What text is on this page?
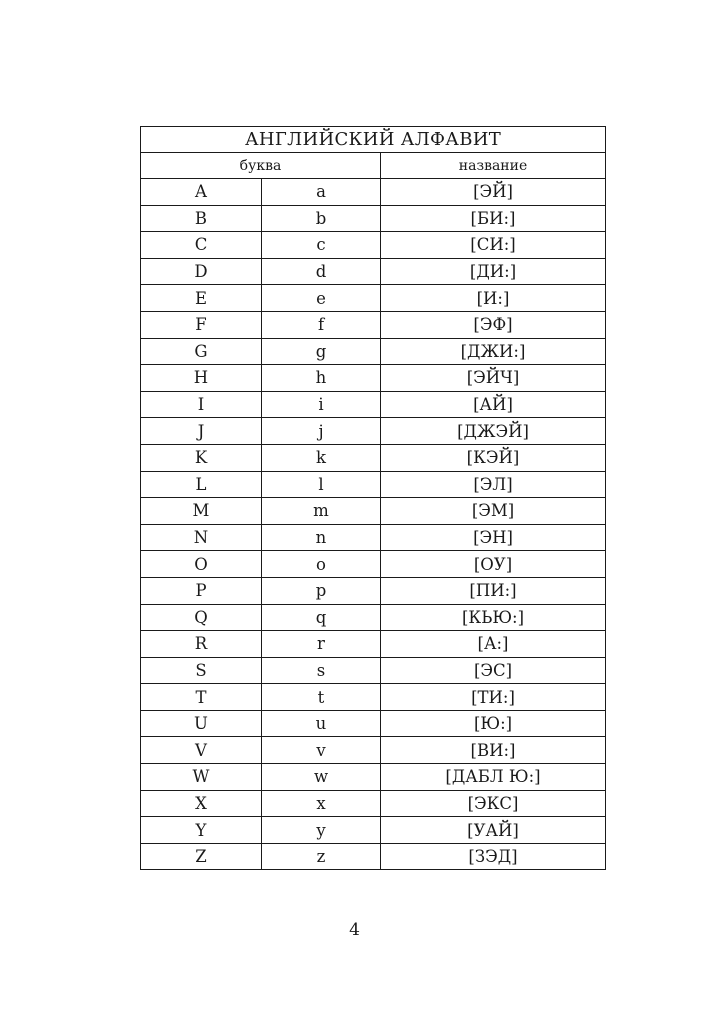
АНГЛИЙСКИЙ АЛФАВИТ		
буква		название
A	a	[ЭЙ]
B	b	[БИ:]
C	c	[СИ:]
D	d	[ДИ:]
E	e	[И:]
F	f	[ЭФ]
G	g	[ДЖИ:]
H	h	[ЭЙЧ]
I	i	[АЙ]
J	j	[ДЖЭЙ]
K	k	[КЭЙ]
L	l	[ЭЛ]
M	m	[ЭМ]
N	n	[ЭН]
O	o	[ОУ]
P	p	[ПИ:]
Q	q	[КЬЮ:]
R	r	[А:]
S	s	[ЭС]
T	t	[ТИ:]
U	u	[Ю:]
V	v	[ВИ:]
W	w	[ДАБЛ Ю:]
X	x	[ЭКС]
Y	y	[УАЙ]
Z	z	[ЗЭД]
4
